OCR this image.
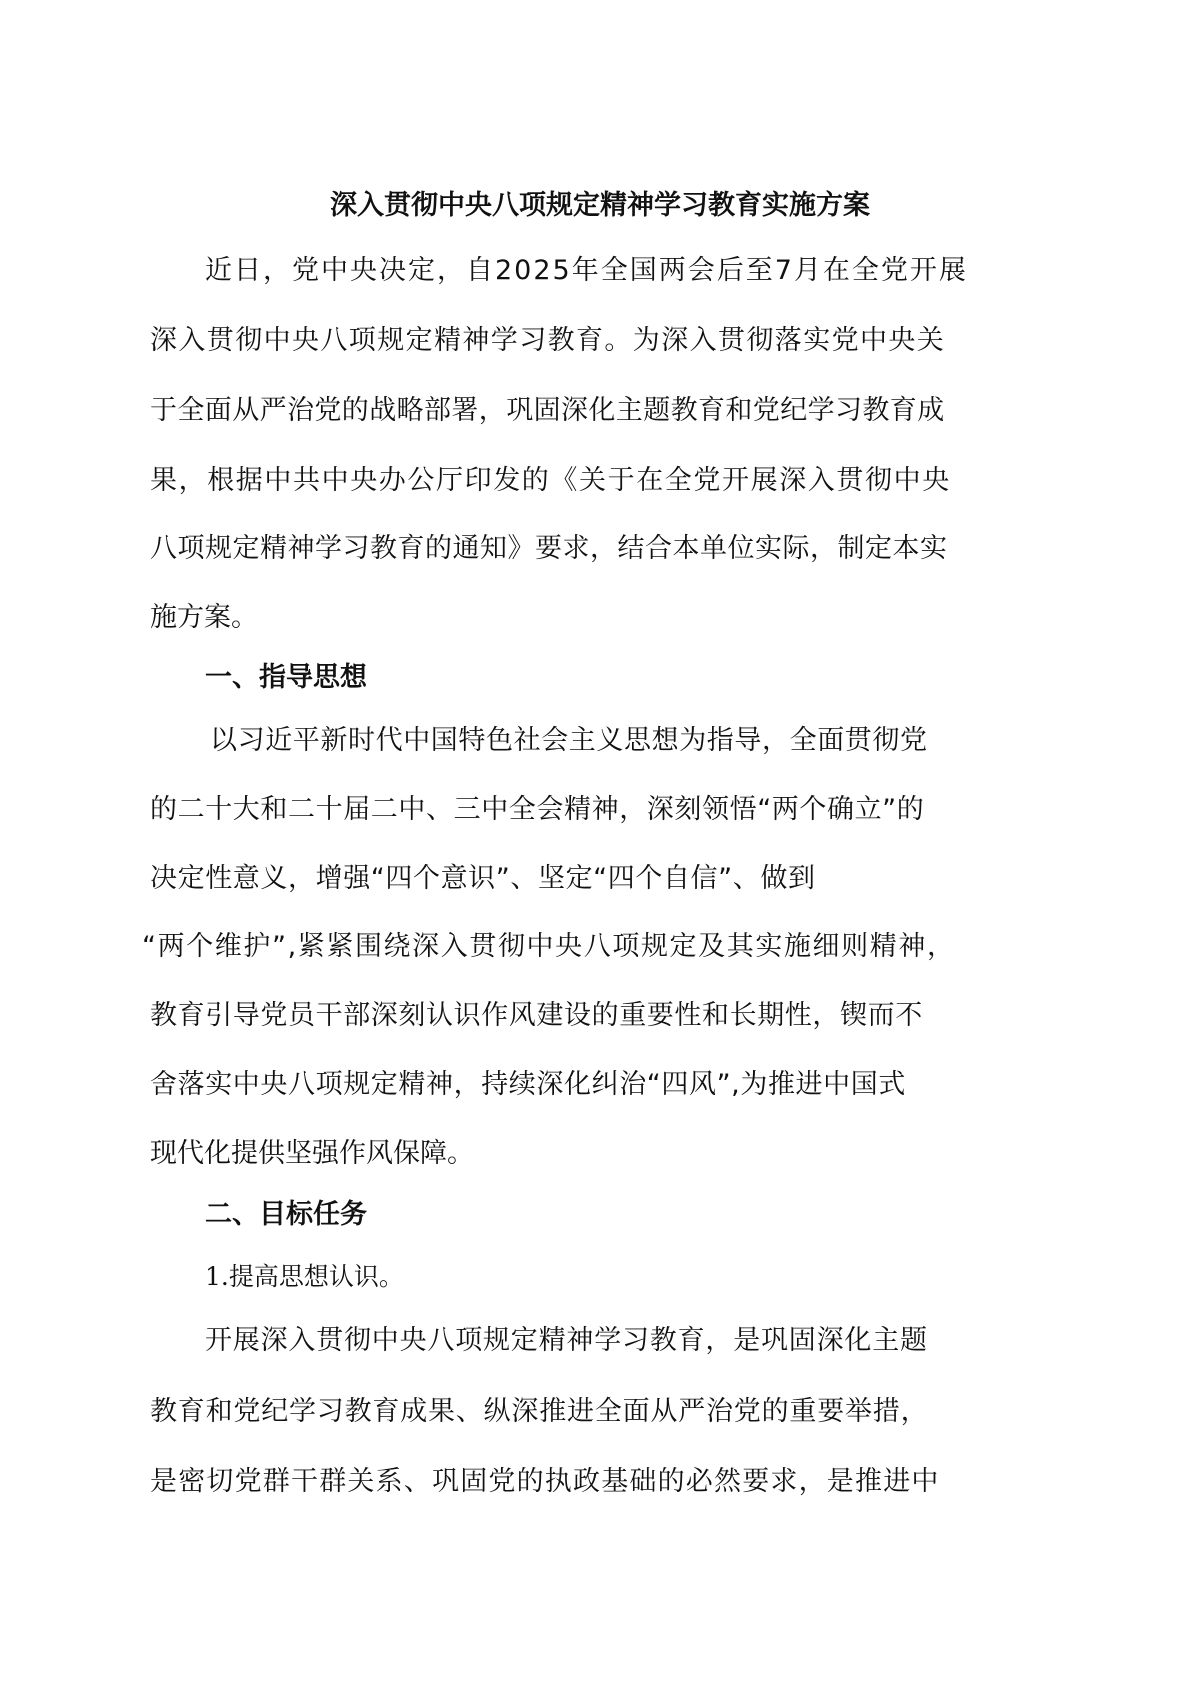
深入贯彻中央八项规定精神学习教育实施方案
近日，党中央决定，自2025年全国两会后至7月在全党开展
深入贯彻中央八项规定精神学习教育。为深入贯彻落实党中央关
于全面从严治党的战略部署，巩固深化主题教育和党纪学习教育成
果，根据中共中央办公厅印发的《关于在全党开展深入贯彻中央
八项规定精神学习教育的通知》要求，结合本单位实际，制定本实
施方案。
一、指导思想
以习近平新时代中国特色社会主义思想为指导，全面贯彻党
的二十大和二十届二中、三中全会精神，深刻领悟“两个确立”的
决定性意义，增强“四个意识”、坚定“四个自信”、做到
“两个维护”,紧紧围绕深入贯彻中央八项规定及其实施细则精神，
教育引导党员干部深刻认识作风建设的重要性和长期性，锲而不
舍落实中央八项规定精神，持续深化纠治“四风”,为推进中国式
现代化提供坚强作风保障。
二、目标任务
1.提高思想认识。
开展深入贯彻中央八项规定精神学习教育，是巩固深化主题
教育和党纪学习教育成果、纵深推进全面从严治党的重要举措，
是密切党群干群关系、巩固党的执政基础的必然要求，是推进中
